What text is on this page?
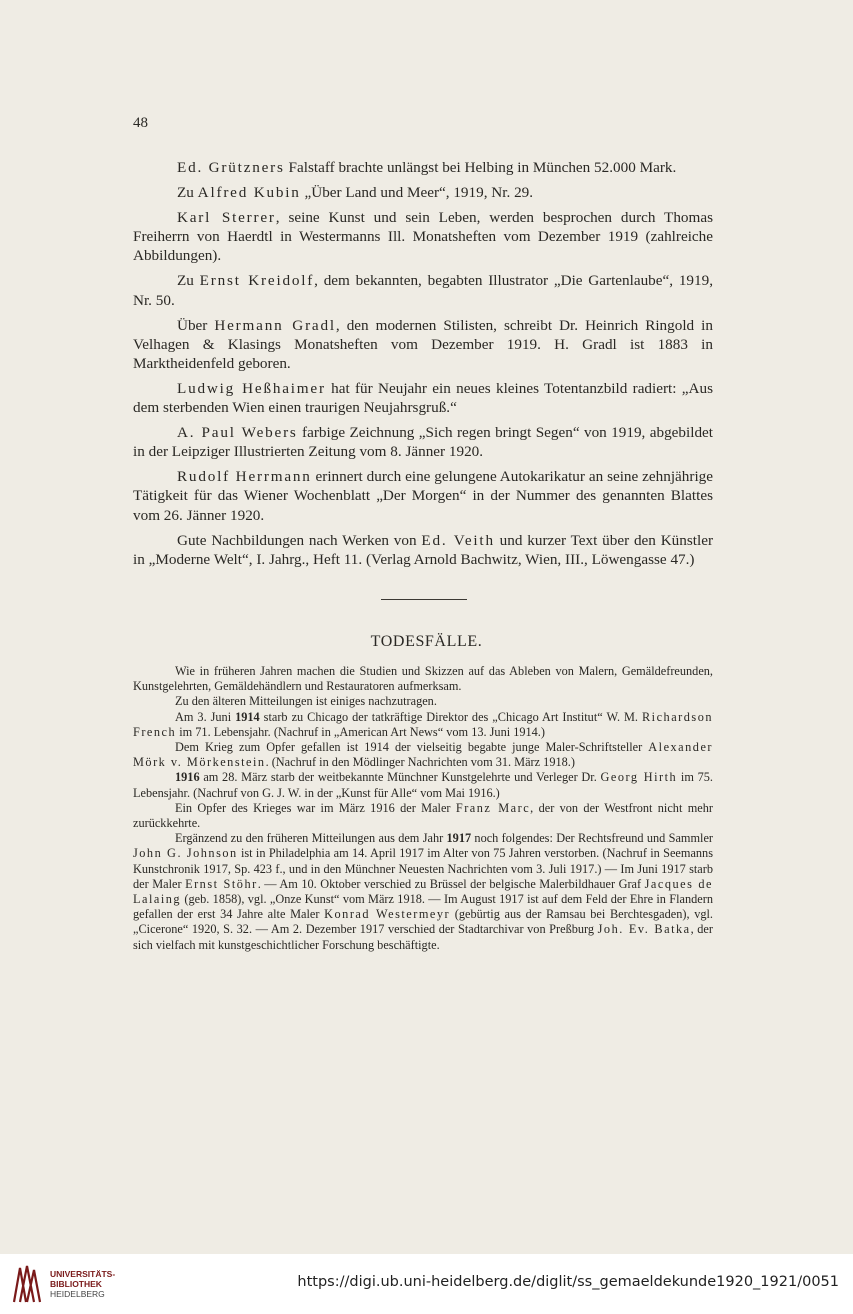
48

Ed. Grützners Falstaff brachte unlängst bei Helbing in München 52.000 Mark.

Zu Alfred Kubin „Über Land und Meer“, 1919, Nr. 29.

Karl Sterrer, seine Kunst und sein Leben, werden besprochen durch Thomas Freiherrn von Haerdtl in Westermanns Ill. Monatsheften vom Dezember 1919 (zahlreiche Abbildungen).

Zu Ernst Kreidolf, dem bekannten, begabten Illustrator „Die Gartenlaube“, 1919, Nr. 50.

Über Hermann Gradl, den modernen Stilisten, schreibt Dr. Heinrich Ringold in Velhagen & Klasings Monatsheften vom Dezember 1919. H. Gradl ist 1883 in Marktheidenfeld geboren.

Ludwig Heßhaimer hat für Neujahr ein neues kleines Totentanzbild radiert: „Aus dem sterbenden Wien einen traurigen Neujahrsgruß.“

A. Paul Webers farbige Zeichnung „Sich regen bringt Segen“ von 1919, abgebildet in der Leipziger Illustrierten Zeitung vom 8. Jänner 1920.

Rudolf Herrmann erinnert durch eine gelungene Autokarikatur an seine zehnjährige Tätigkeit für das Wiener Wochenblatt „Der Morgen“ in der Nummer des genannten Blattes vom 26. Jänner 1920.

Gute Nachbildungen nach Werken von Ed. Veith und kurzer Text über den Künstler in „Moderne Welt“, I. Jahrg., Heft 11. (Verlag Arnold Bachwitz, Wien, III., Löwengasse 47.)

TODESFÄLLE.

Wie in früheren Jahren machen die Studien und Skizzen auf das Ableben von Malern, Gemäldefreunden, Kunstgelehrten, Gemäldehändlern und Restauratoren aufmerksam.

Zu den älteren Mitteilungen ist einiges nachzutragen.

Am 3. Juni 1914 starb zu Chicago der tatkräftige Direktor des „Chicago Art Institut“ W. M. Richardson French im 71. Lebensjahr. (Nachruf in „American Art News“ vom 13. Juni 1914.)

Dem Krieg zum Opfer gefallen ist 1914 der vielseitig begabte junge Maler-Schriftsteller Alexander Mörk v. Mörkenstein. (Nachruf in den Mödlinger Nachrichten vom 31. März 1918.)

1916 am 28. März starb der weitbekannte Münchner Kunstgelehrte und Verleger Dr. Georg Hirth im 75. Lebensjahr. (Nachruf von G. J. W. in der „Kunst für Alle“ vom Mai 1916.)

Ein Opfer des Krieges war im März 1916 der Maler Franz Marc, der von der Westfront nicht mehr zurückkehrte.

Ergänzend zu den früheren Mitteilungen aus dem Jahr 1917 noch folgendes: Der Rechtsfreund und Sammler John G. Johnson ist in Philadelphia am 14. April 1917 im Alter von 75 Jahren verstorben. (Nachruf in Seemanns Kunstchronik 1917, Sp. 423 f., und in den Münchner Neuesten Nachrichten vom 3. Juli 1917.) — Im Juni 1917 starb der Maler Ernst Stöhr. — Am 10. Oktober verschied zu Brüssel der belgische Malerbildhauer Graf Jacques de Lalaing (geb. 1858), vgl. „Onze Kunst“ vom März 1918. — Im August 1917 ist auf dem Feld der Ehre in Flandern gefallen der erst 34 Jahre alte Maler Konrad Westermeyr (gebürtig aus der Ramsau bei Berchtesgaden), vgl. „Cicerone“ 1920, S. 32. — Am 2. Dezember 1917 verschied der Stadtarchivar von Preßburg Joh. Ev. Batka, der sich vielfach mit kunstgeschichtlicher Forschung beschäftigte.

UNIVERSITÄTS-
BIBLIOTHEK
HEIDELBERG
https://digi.ub.uni-heidelberg.de/diglit/ss_gemaeldekunde1920_1921/0051
